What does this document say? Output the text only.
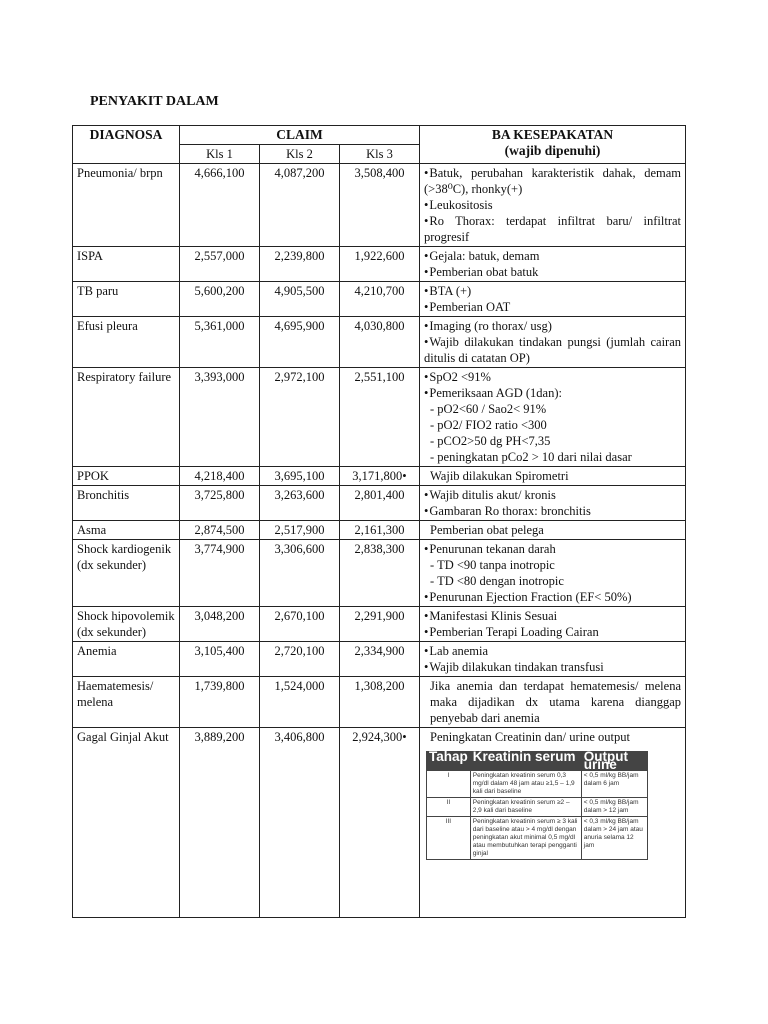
PENYAKIT DALAM
DIAGNOSA	CLAIM	BA KESEPAKATAN
(wajib dipenuhi)

Kls 1	Kls 2	Kls 3
Pneumonia/ brpn	4,666,100	4,087,200	3,508,400	
•Batuk, perubahan karakteristik dahak, demam (>38⁰C), rhonky(+)
• Leukositosis
• Ro Thorax: terdapat infiltrat baru/ infiltrat progresif

ISPA	2,557,000	2,239,800	1,922,600	
•Gejala: batuk, demam
• Pemberian obat batuk

TB paru	5,600,200	4,905,500	4,210,700	
•BTA (+)
• Pemberian OAT

Efusi pleura	5,361,000	4,695,900	4,030,800	
•Imaging (ro thorax/ usg)
• Wajib dilakukan tindakan pungsi (jumlah cairan ditulis di catatan OP)

Respiratory failure	3,393,000	2,972,100	2,551,100	
•SpO2 <91%
• Pemeriksaan AGD (1dan):
- pO2<60 / Sao2< 91%
- pO2/ FIO2 ratio <300
- pCO2>50 dg PH<7,35
- peningkatan pCo2 > 10 dari nilai dasar

PPOK	4,218,400	3,695,100	3,171,800•	Wajib dilakukan Spirometri

Bronchitis	3,725,800	3,263,600	2,801,400	
•Wajib ditulis akut/ kronis
• Gambaran Ro thorax: bronchitis

Asma	2,874,500	2,517,900	2,161,300	Pemberian obat pelega

Shock kardiogenik (dx sekunder)	3,774,900	3,306,600	2,838,300	
•Penurunan tekanan darah
- TD <90 tanpa inotropic
- TD <80 dengan inotropic
• Penurunan Ejection Fraction (EF< 50%)

Shock hipovolemik (dx sekunder)	3,048,200	2,670,100	2,291,900	
•Manifestasi Klinis Sesuai
• Pemberian Terapi Loading Cairan

Anemia	3,105,400	2,720,100	2,334,900	
•Lab anemia
• Wajib dilakukan tindakan transfusi

Haematemesis/ melena	1,739,800	1,524,000	1,308,200	Jika anemia dan terdapat hematemesis/ melena maka dijadikan dx utama karena dianggap penyebab dari anemia

Gagal Ginjal Akut	3,889,200	3,406,800	2,924,300•	Peningkatan Creatinin dan/ urine output
Tahap	Kreatinin serum	Output urine
I	Peningkatan kreatinin serum 0,3 mg/dl dalam 48 jam atau ≥1,5 – 1,9 kali dari baseline	< 0,5 ml/kg BB/jam dalam 6 jam
II	Peningkatan kreatinin serum ≥2 – 2,9 kali dari baseline	< 0,5 ml/kg BB/jam dalam > 12 jam
III	Peningkatan kreatinin serum ≥ 3 kali dari baseline atau > 4 mg/dl dengan peningkatan akut minimal 0,5 mg/dl atau membutuhkan terapi pengganti ginjal	< 0,3 ml/kg BB/jam dalam > 24 jam atau anuria selama 12 jam
